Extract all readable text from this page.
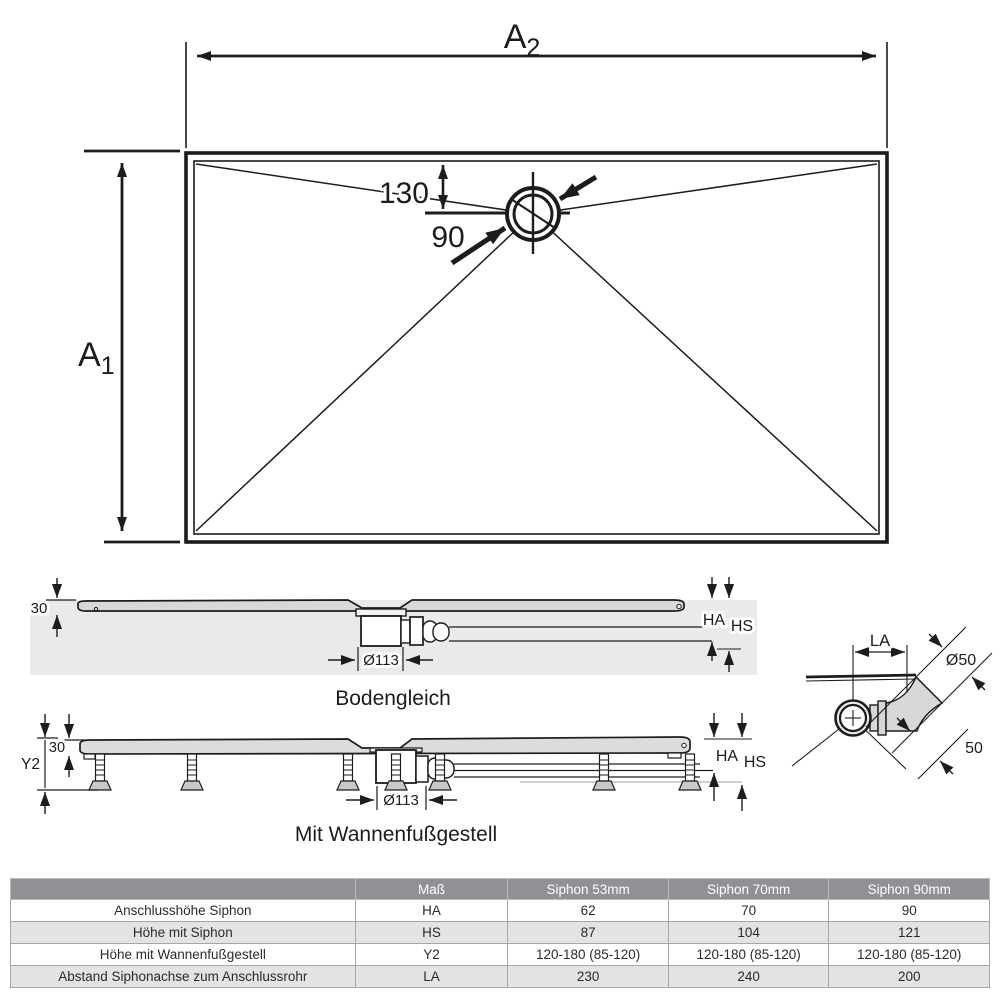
$A_2$
$A_1$
130
90
30
Ø113
HA HS
Bodengleich
30
Y2
Ø113
HA HS
Mit Wannenfußgestell
LA
Ø50
50
	Maß	Siphon 53mm	Siphon 70mm	Siphon 90mm
Anschlusshöhe Siphon	HA	62	70	90
Höhe mit Siphon	HS	87	104	121
Höhe mit Wannenfußgestell	Y2	120-180 (85-120)	120-180 (85-120)	120-180 (85-120)
Abstand Siphonachse zum Anschlussrohr	LA	230	240	200
